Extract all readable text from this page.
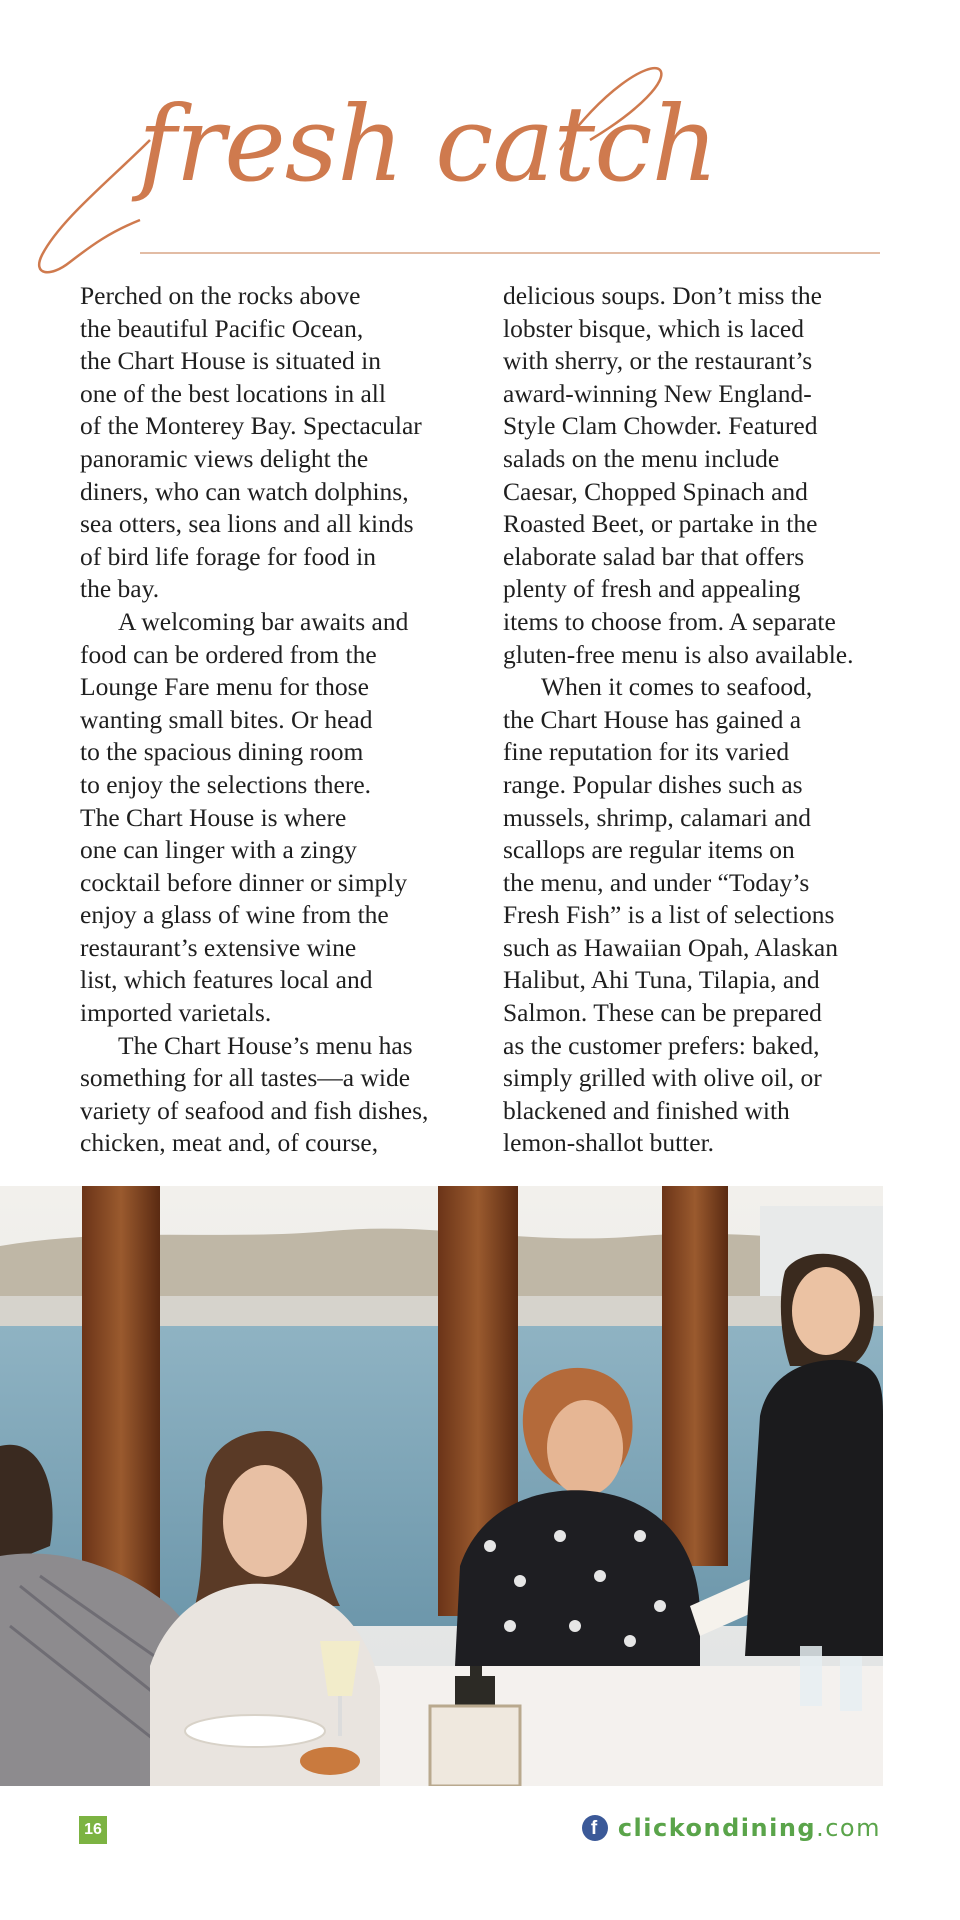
fresh catch

Perched on the rocks above
the beautiful Pacific Ocean,
the Chart House is situated in
one of the best locations in all
of the Monterey Bay. Spectacular
panoramic views delight the
diners, who can watch dolphins,
sea otters, sea lions and all kinds
of bird life forage for food in
the bay.

A welcoming bar awaits and
food can be ordered from the
Lounge Fare menu for those
wanting small bites. Or head
to the spacious dining room
to enjoy the selections there.
The Chart House is where
one can linger with a zingy
cocktail before dinner or simply
enjoy a glass of wine from the
restaurant’s extensive wine
list, which features local and
imported varietals.

The Chart House’s menu has
something for all tastes—a wide
variety of seafood and fish dishes,
chicken, meat and, of course,

delicious soups. Don’t miss the
lobster bisque, which is laced
with sherry, or the restaurant’s
award-winning New England-
Style Clam Chowder. Featured
salads on the menu include
Caesar, Chopped Spinach and
Roasted Beet, or partake in the
elaborate salad bar that offers
plenty of fresh and appealing
items to choose from. A separate
gluten-free menu is also available.

When it comes to seafood,
the Chart House has gained a
fine reputation for its varied
range. Popular dishes such as
mussels, shrimp, calamari and
scallops are regular items on
the menu, and under “Today’s
Fresh Fish” is a list of selections
such as Hawaiian Opah, Alaskan
Halibut, Ahi Tuna, Tilapia, and
Salmon. These can be prepared
as the customer prefers: baked,
simply grilled with olive oil, or
blackened and finished with
lemon-shallot butter.

16	f clickondining.com
